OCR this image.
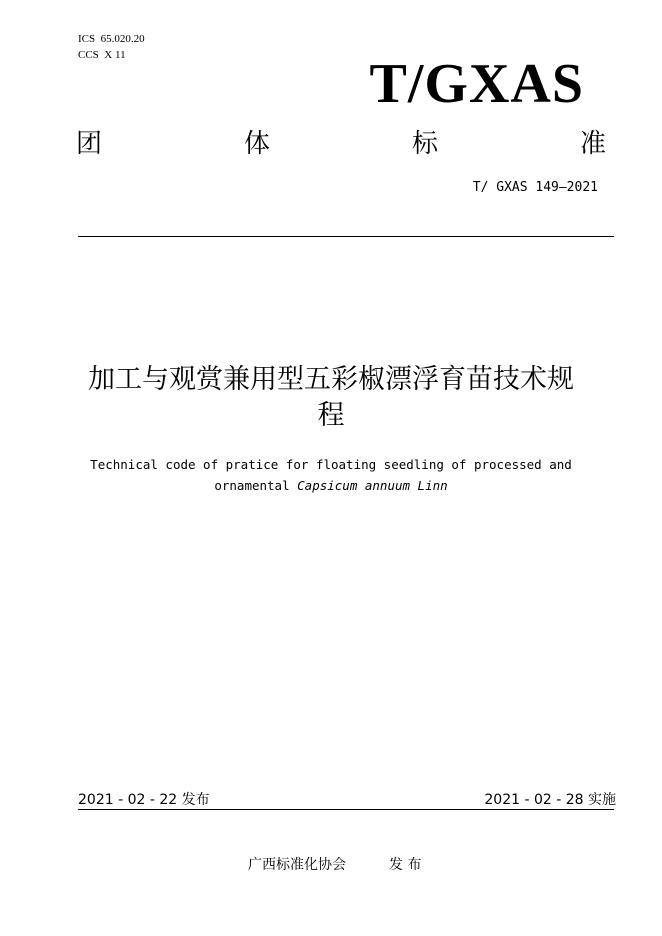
ICS  65.020.20
CCS  X 11	T/GXAS
团	体	标	准
T/ GXAS 149—2021
加工与观赏兼用型五彩椒漂浮育苗技术规
程
Technical code of pratice for floating seedling of processed and
ornamental Capsicum annuum Linn
2021 - 02 - 22 发布	2021 - 02 - 28 实施
广西标准化协会	发 布
